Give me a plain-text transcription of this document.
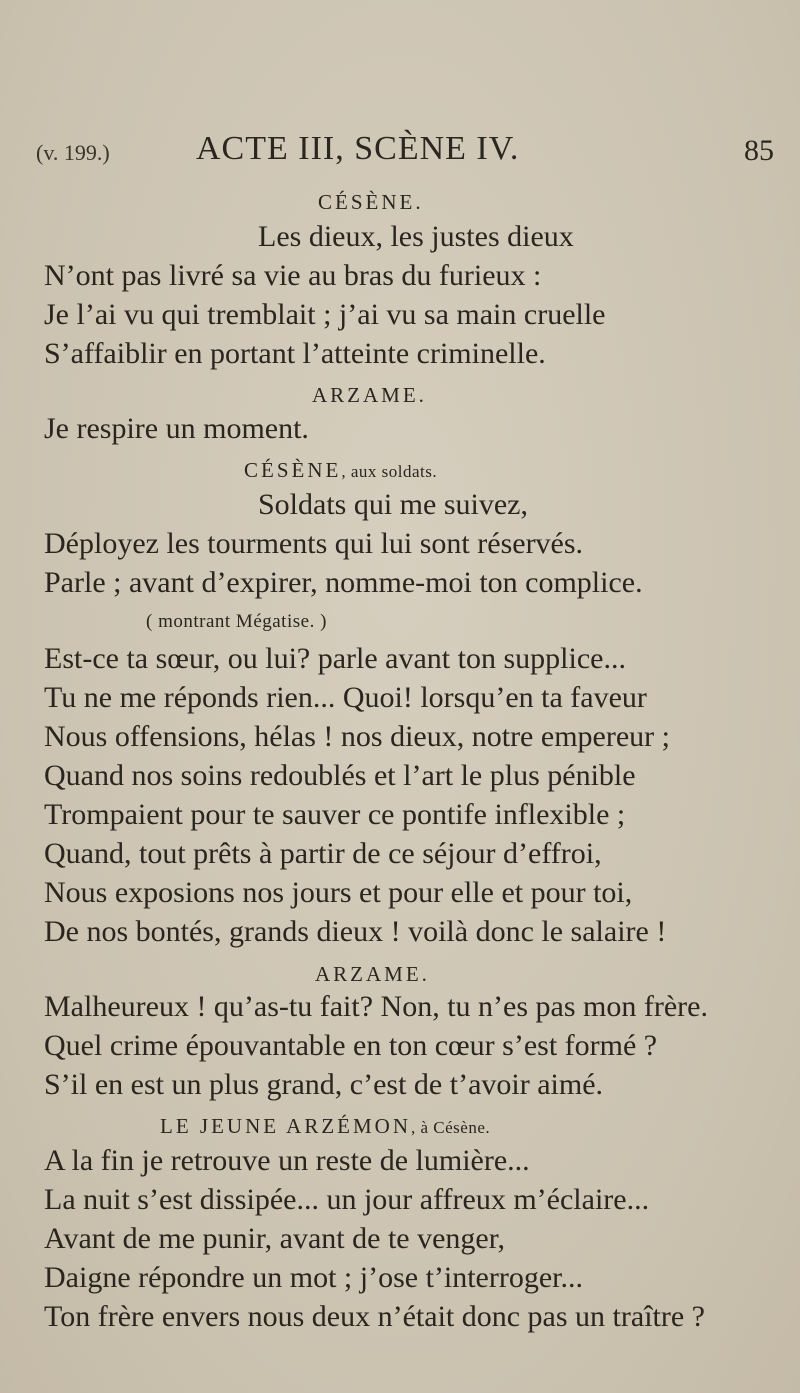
(v. 199.)	ACTE III, SCÈNE IV.	85
CÉSÈNE.
Les dieux, les justes dieux
N’ont pas livré sa vie au bras du furieux :
Je l’ai vu qui tremblait ; j’ai vu sa main cruelle
S’affaiblir en portant l’atteinte criminelle.
ARZAME.
Je respire un moment.
CÉSÈNE, aux soldats.
Soldats qui me suivez,
Déployez les tourments qui lui sont réservés.
Parle ; avant d’expirer, nomme-moi ton complice.
( montrant Mégatise. )
Est-ce ta sœur, ou lui? parle avant ton supplice...
Tu ne me réponds rien... Quoi! lorsqu’en ta faveur
Nous offensions, hélas ! nos dieux, notre empereur ;
Quand nos soins redoublés et l’art le plus pénible
Trompaient pour te sauver ce pontife inflexible ;
Quand, tout prêts à partir de ce séjour d’effroi,
Nous exposions nos jours et pour elle et pour toi,
De nos bontés, grands dieux ! voilà donc le salaire !
ARZAME.
Malheureux ! qu’as-tu fait? Non, tu n’es pas mon frère.
Quel crime épouvantable en ton cœur s’est formé ?
S’il en est un plus grand, c’est de t’avoir aimé.
LE JEUNE ARZÉMON, à Césène.
A la fin je retrouve un reste de lumière...
La nuit s’est dissipée... un jour affreux m’éclaire...
Avant de me punir, avant de te venger,
Daigne répondre un mot ; j’ose t’interroger...
Ton frère envers nous deux n’était donc pas un traître ?
